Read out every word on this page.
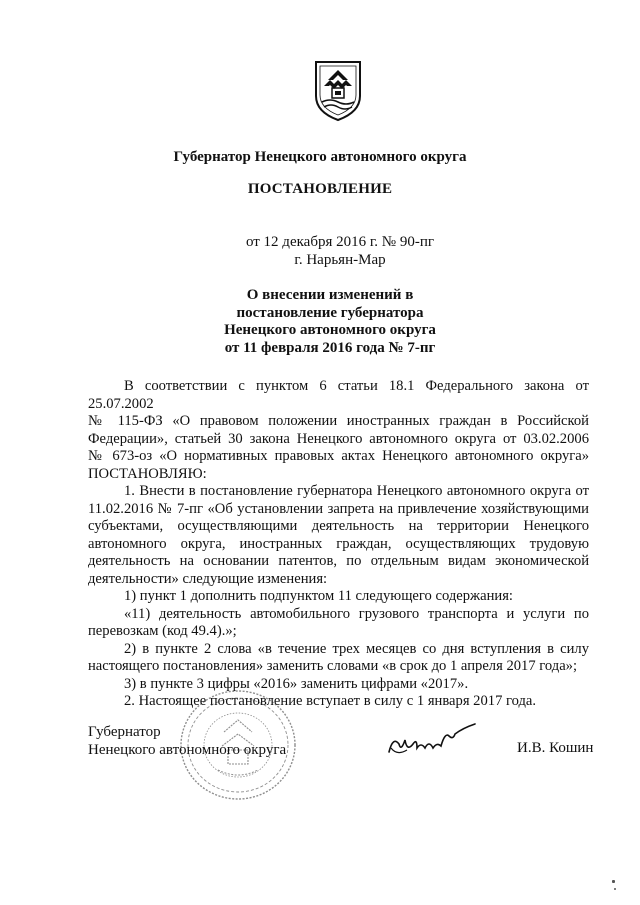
Губернатор Ненецкого автономного округа
ПОСТАНОВЛЕНИЕ
от 12 декабря 2016 г. № 90-пг
г. Нарьян-Мар
О внесении изменений в
постановление губернатора
Ненецкого автономного округа
от 11 февраля 2016 года № 7-пг
В соответствии с пунктом 6 статьи 18.1 Федерального закона от 25.07.2002
№ 115-ФЗ «О правовом положении иностранных граждан в Российской
Федерации», статьей 30 закона Ненецкого автономного округа от 03.02.2006
№ 673-оз «О нормативных правовых актах Ненецкого автономного округа»
ПОСТАНОВЛЯЮ:
1. Внести в постановление губернатора Ненецкого автономного округа от
11.02.2016 № 7-пг «Об установлении запрета на привлечение хозяйствующими
субъектами, осуществляющими деятельность на территории Ненецкого
автономного округа, иностранных граждан, осуществляющих трудовую
деятельность на основании патентов, по отдельным видам экономической
деятельности» следующие изменения:
1) пункт 1 дополнить подпунктом 11 следующего содержания:
«11) деятельность автомобильного грузового транспорта и услуги по
перевозкам (код 49.4).»;
2) в пункте 2 слова «в течение трех месяцев со дня вступления в силу
настоящего постановления» заменить словами «в срок до 1 апреля 2017 года»;
3) в пункте 3 цифры «2016» заменить цифрами «2017».
2. Настоящее постановление вступает в силу с 1 января 2017 года.
Губернатор
Ненецкого автономного округа	И.В. Кошин
